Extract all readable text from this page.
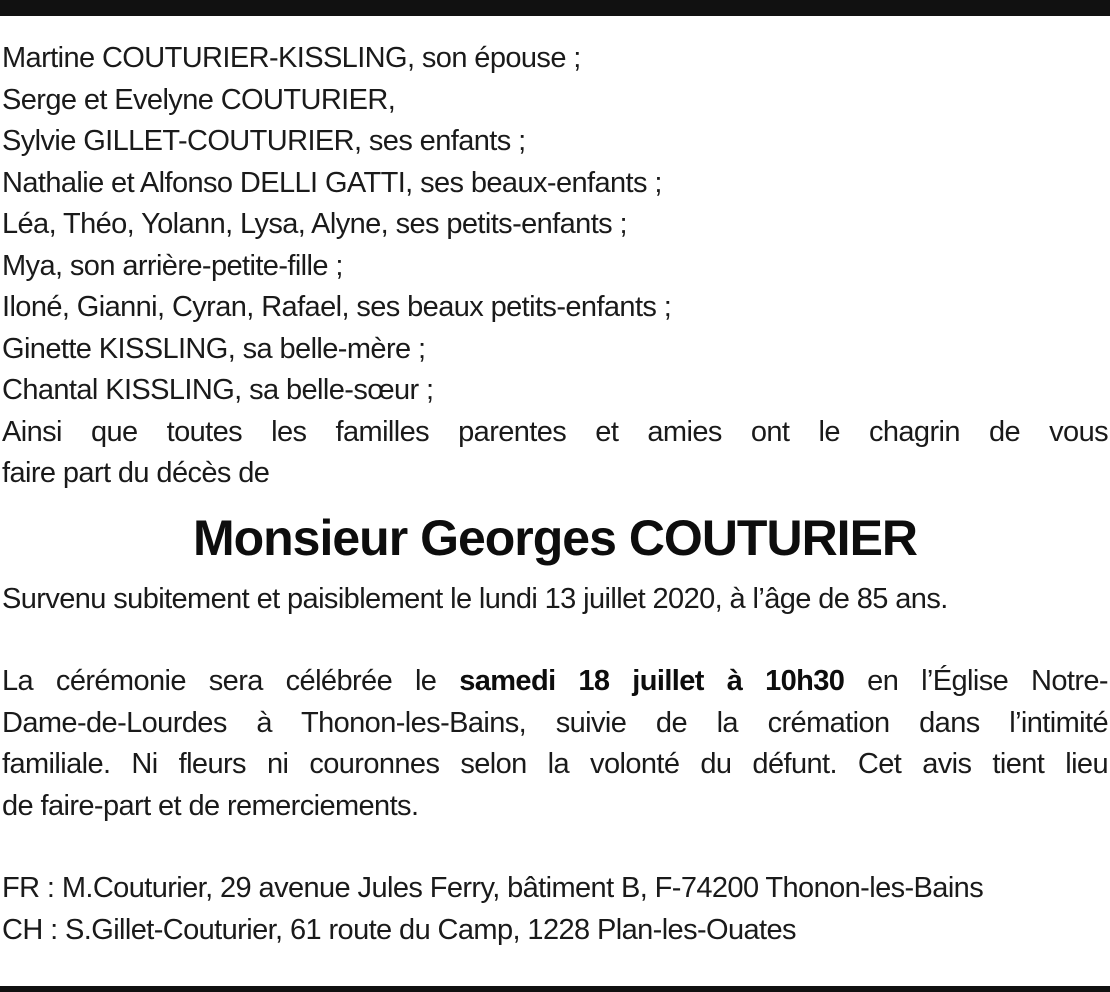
Martine COUTURIER-KISSLING, son épouse ;
Serge et Evelyne COUTURIER,
Sylvie GILLET-COUTURIER, ses enfants ;
Nathalie et Alfonso DELLI GATTI, ses beaux-enfants ;
Léa, Théo, Yolann, Lysa, Alyne, ses petits-enfants ;
Mya, son arrière-petite-fille ;
Iloné, Gianni, Cyran, Rafael, ses beaux petits-enfants ;
Ginette KISSLING, sa belle-mère ;
Chantal KISSLING, sa belle-sœur ;
Ainsi que toutes les familles parentes et amies ont le chagrin de vous
faire part du décès de
Monsieur Georges COUTURIER
Survenu subitement et paisiblement le lundi 13 juillet 2020, à l’âge de 85 ans.
La cérémonie sera célébrée le samedi 18 juillet à 10h30 en l’Église Notre-
Dame-de-Lourdes à Thonon-les-Bains, suivie de la crémation dans l’intimité
familiale. Ni fleurs ni couronnes selon la volonté du défunt. Cet avis tient lieu
de faire-part et de remerciements.
FR : M.Couturier, 29 avenue Jules Ferry, bâtiment B, F-74200 Thonon-les-Bains
CH : S.Gillet-Couturier, 61 route du Camp, 1228 Plan-les-Ouates
